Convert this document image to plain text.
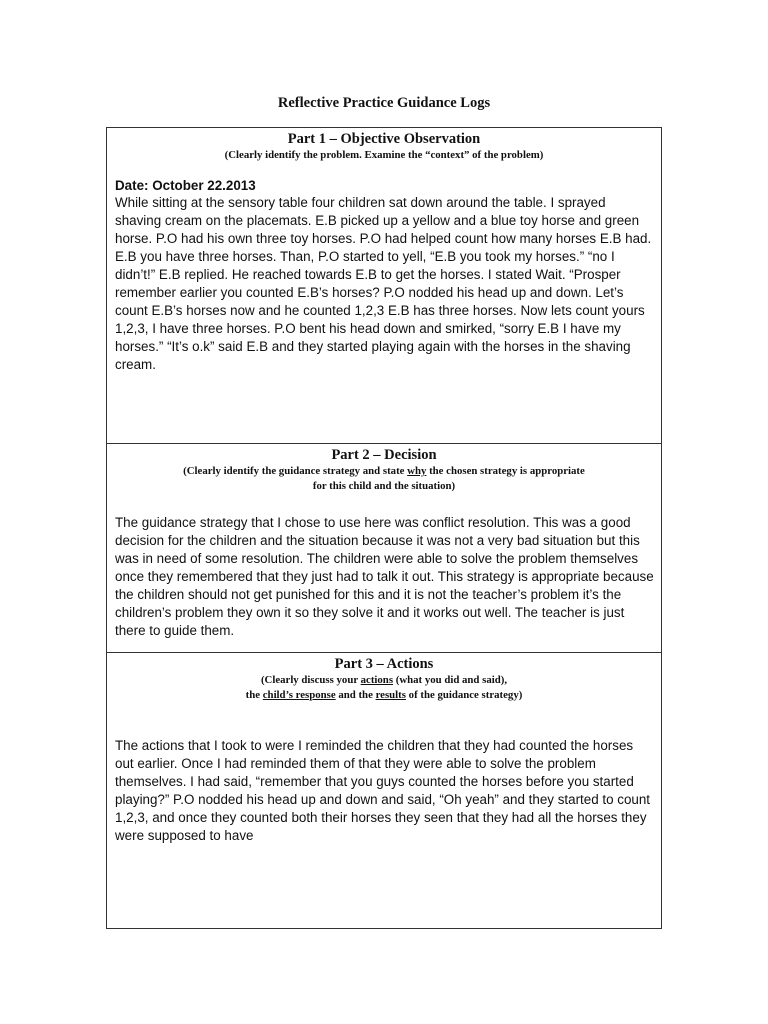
Reflective Practice Guidance Logs
Part 1 – Objective Observation
(Clearly identify the problem. Examine the “context” of the problem)
Date: October 22.2013
While sitting at the sensory table four children sat down around the table. I sprayed shaving cream on the placemats. E.B picked up a yellow and a blue toy horse and green horse. P.O had his own three toy horses. P.O had helped count how many horses E.B had. E.B you have three horses. Than, P.O started to yell, “E.B you took my horses.” “no I didn’t!” E.B replied. He reached towards E.B to get the horses. I stated Wait. “Prosper remember earlier you counted E.B’s horses? P.O nodded his head up and down. Let’s count E.B’s horses now and he counted 1,2,3 E.B has three horses. Now lets count yours 1,2,3, I have three horses. P.O bent his head down and smirked, “sorry E.B I have my horses.” “It’s o.k” said E.B and they started playing again with the horses in the shaving cream.
Part 2 – Decision
(Clearly identify the guidance strategy and state why the chosen strategy is appropriate
for this child and the situation)
The guidance strategy that I chose to use here was conflict resolution. This was a good decision for the children and the situation because it was not a very bad situation but this was in need of some resolution. The children were able to solve the problem themselves once they remembered that they just had to talk it out. This strategy is appropriate because the children should not get punished for this and it is not the teacher’s problem it’s the children’s problem they own it so they solve it and it works out well. The teacher is just there to guide them.
Part 3 – Actions
(Clearly discuss your actions (what you did and said),
the child’s response and the results of the guidance strategy)
The actions that I took to were I reminded the children that they had counted the horses out earlier. Once I had reminded them of that they were able to solve the problem themselves. I had said, “remember that you guys counted the horses before you started playing?” P.O nodded his head up and down and said, “Oh yeah” and they started to count 1,2,3, and once they counted both their horses they seen that they had all the horses they were supposed to have
